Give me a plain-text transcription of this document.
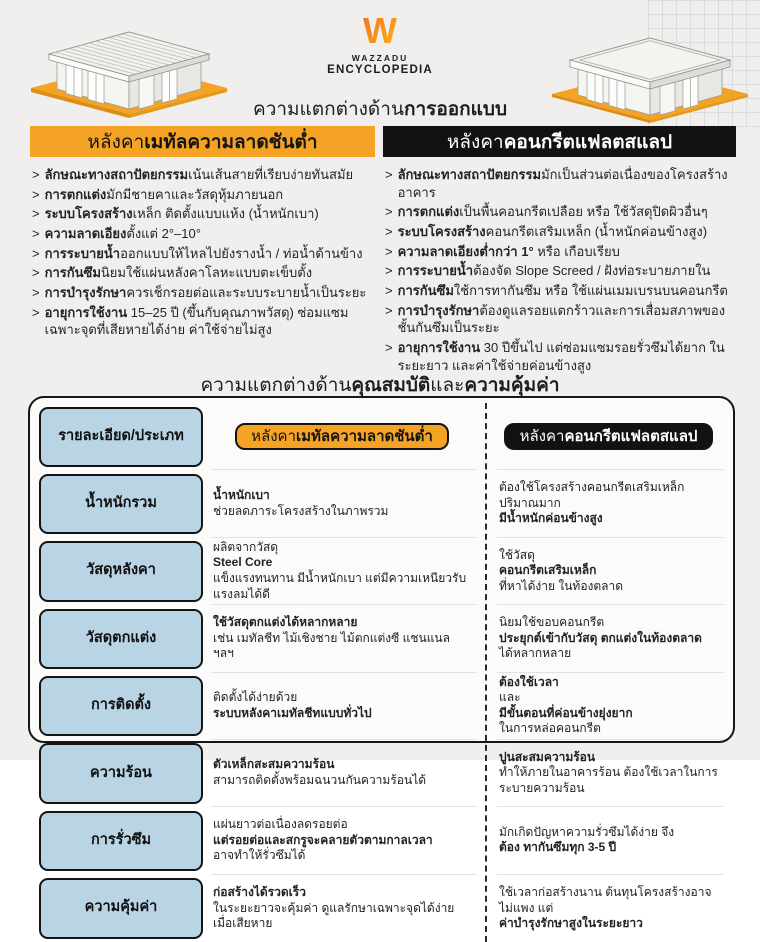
W
WAZZADU
ENCYCLOPEDIA
ความแตกต่างด้านการออกแบบ
หลังคา เมทัลความลาดชันต่ำ
> ลักษณะทางสถาปัตยกรรมเน้นเส้นสายที่เรียบง่ายทันสมัย
> การตกแต่งมักมีชายคาและวัสดุหุ้มภายนอก
> ระบบโครงสร้างเหล็ก ติดตั้งแบบแห้ง (น้ำหนักเบา)
> ความลาดเอียงตั้งแต่ 2°–10°
> การระบายน้ำออกแบบให้ไหลไปยังรางน้ำ / ท่อน้ำด้านข้าง
> การกันซึมนิยมใช้แผ่นหลังคาโลหะแบบตะเข็บตั้ง
> การบำรุงรักษาควรเช็กรอยต่อและระบบระบายน้ำเป็นระยะ
> อายุการใช้งาน 15–25 ปี (ขึ้นกับคุณภาพวัสดุ) ซ่อมแซม เฉพาะจุดที่เสียหายได้ง่าย ค่าใช้จ่ายไม่สูง
หลังคา คอนกรีตแฟลตสแลป
> ลักษณะทางสถาปัตยกรรมมักเป็นส่วนต่อเนื่องของโครงสร้างอาคาร
> การตกแต่งเป็นพื้นคอนกรีตเปลือย หรือ ใช้วัสดุปิดผิวอื่นๆ
> ระบบโครงสร้างคอนกรีตเสริมเหล็ก (น้ำหนักค่อนข้างสูง)
> ความลาดเอียงต่ำกว่า 1° หรือ เกือบเรียบ
> การระบายน้ำต้องจัด Slope Screed / ฝังท่อระบายภายใน
> การกันซึมใช้การทากันซึม หรือ ใช้แผ่นเมมเบรนบนคอนกรีต
> การบำรุงรักษาต้องดูแลรอยแตกร้าวและการเสื่อมสภาพของ ชั้นกันซึมเป็นระยะ
> อายุการใช้งาน 30 ปีขึ้นไป แต่ซ่อมแซมรอยรั่วซึมได้ยาก ในระยะยาว และค่าใช้จ่ายค่อนข้างสูง
ความแตกต่างด้านคุณสมบัติและความคุ้มค่า
รายละเอียด/ประเภท
น้ำหนักรวม
วัสดุหลังคา
วัสดุตกแต่ง
การติดตั้ง
ความร้อน
การรั่วซึม
ความคุ้มค่า
หลังคา เมทัลความลาดชันต่ำ
น้ำหนักเบา
ช่วยลดภาระโครงสร้างในภาพรวม
ผลิตจากวัสดุ
Steel Core
แข็งแรงทนทาน มีน้ำหนักเบา แต่มีความเหนียวรับแรงลมได้ดี
ใช้วัสดุตกแต่งได้หลากหลาย
เช่น เมทัลชีท ไม้เชิงชาย ไม้ตกแต่งซี แชนแนล ฯลฯ
ติดตั้งได้ง่ายด้วย
ระบบหลังคาเมทัลชีทแบบทั่วไป
ตัวเหล็กสะสมความร้อน
สามารถติดตั้งพร้อมฉนวนกันความร้อนได้
แผ่นยาวต่อเนื่องลดรอยต่อ
แต่รอยต่อและสกรูจะคลายตัวตามกาลเวลา
อาจทำให้รั่วซึมได้
ก่อสร้างได้รวดเร็ว
ในระยะยาวจะคุ้มค่า ดูแลรักษาเฉพาะจุดได้ง่ายเมื่อเสียหาย
หลังคา คอนกรีตแฟลตสแลป
ต้องใช้โครงสร้างคอนกรีตเสริมเหล็ก ปริมาณมาก
มีน้ำหนักค่อนข้างสูง
ใช้วัสดุ
คอนกรีตเสริมเหล็ก
ที่หาได้ง่าย ในท้องตลาด
นิยมใช้ขอบคอนกรีต
ประยุกต์เข้ากับวัสดุ ตกแต่งในท้องตลาด
ได้หลากหลาย
ต้องใช้เวลา
และ
มีขั้นตอนที่ค่อนข้างยุ่งยาก
ในการหล่อคอนกรีต
ปูนสะสมความร้อน
ทำให้ภายในอาคารร้อน ต้องใช้เวลาในการระบายความร้อน
มักเกิดปัญหาความรั่วซึมได้ง่าย จึง
ต้อง ทากันซึมทุก 3-5 ปี
ใช้เวลาก่อสร้างนาน ต้นทุนโครงสร้างอาจ ไม่แพง แต่
ค่าบำรุงรักษาสูงในระยะยาว
